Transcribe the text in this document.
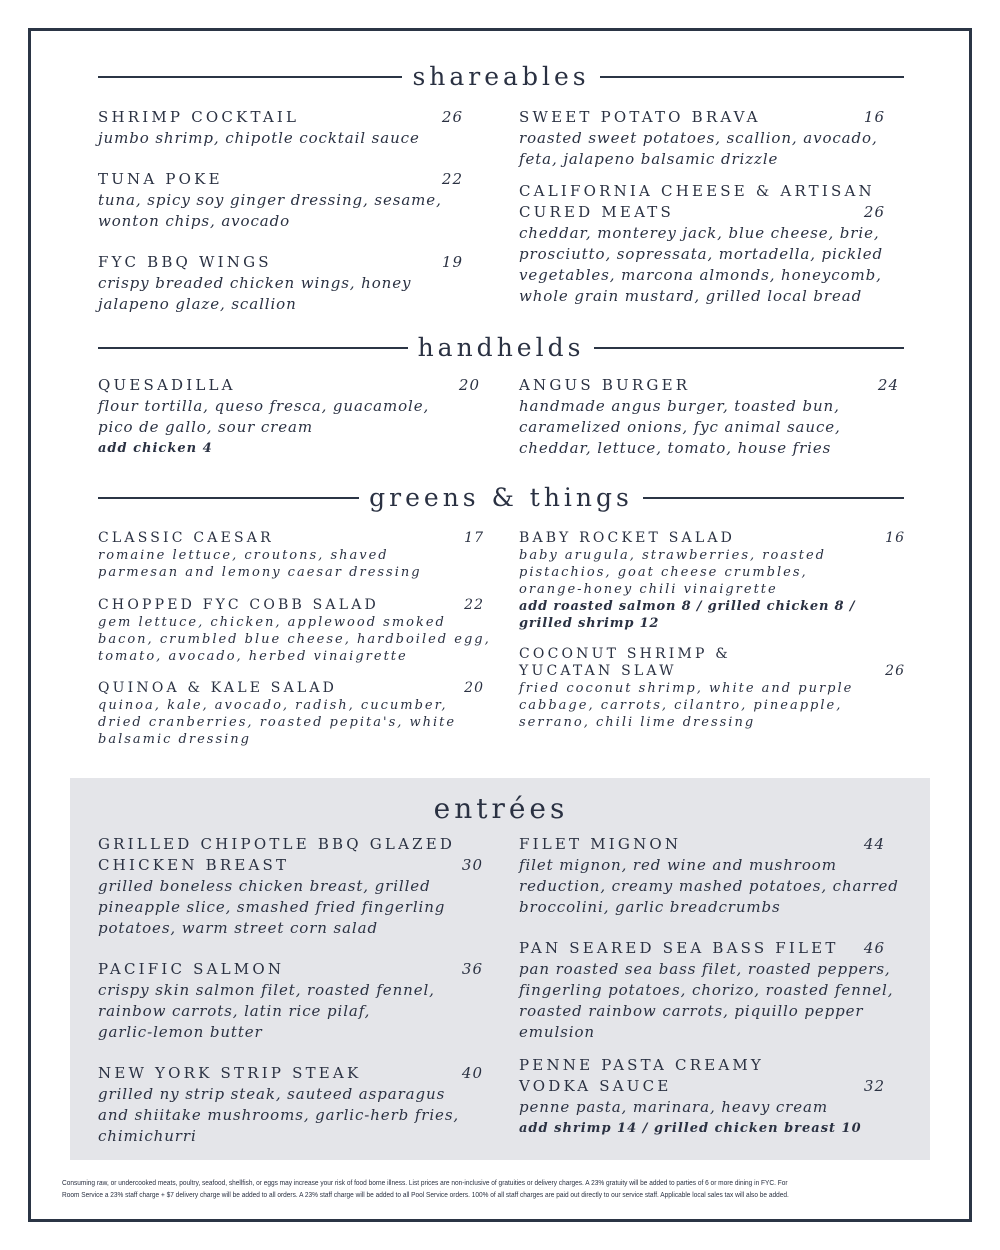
shareables
handhelds
greens & things
entrées
SHRIMP COCKTAIL	26
jumbo shrimp, chipotle cocktail sauce
TUNA POKE	22
tuna, spicy soy ginger dressing, sesame,
wonton chips, avocado
FYC BBQ WINGS	19
crispy breaded chicken wings, honey
jalapeno glaze, scallion
SWEET POTATO BRAVA	16
roasted sweet potatoes, scallion, avocado,
feta, jalapeno balsamic drizzle
CALIFORNIA CHEESE & ARTISAN
CURED MEATS	26
cheddar, monterey jack, blue cheese, brie,
prosciutto, sopressata, mortadella, pickled
vegetables, marcona almonds, honeycomb,
whole grain mustard, grilled local bread
QUESADILLA	20
flour tortilla, queso fresca, guacamole,
pico de gallo, sour cream
add chicken 4
ANGUS BURGER	24
handmade angus burger, toasted bun,
caramelized onions, fyc animal sauce,
cheddar, lettuce, tomato, house fries
CLASSIC CAESAR	17
romaine lettuce, croutons, shaved
parmesan and lemony caesar dressing
CHOPPED FYC COBB SALAD	22
gem lettuce, chicken, applewood smoked
bacon, crumbled blue cheese, hardboiled egg,
tomato, avocado, herbed vinaigrette
QUINOA & KALE SALAD	20
quinoa, kale, avocado, radish, cucumber,
dried cranberries, roasted pepita's, white
balsamic dressing
BABY ROCKET SALAD	16
baby arugula, strawberries, roasted
pistachios, goat cheese crumbles,
orange-honey chili vinaigrette
add roasted salmon 8 / grilled chicken 8 /
grilled shrimp 12
COCONUT SHRIMP &
YUCATAN SLAW	26
fried coconut shrimp, white and purple
cabbage, carrots, cilantro, pineapple,
serrano, chili lime dressing
GRILLED CHIPOTLE BBQ GLAZED
CHICKEN BREAST	30
grilled boneless chicken breast, grilled
pineapple slice, smashed fried fingerling
potatoes, warm street corn salad
PACIFIC SALMON	36
crispy skin salmon filet, roasted fennel,
rainbow carrots, latin rice pilaf,
garlic-lemon butter
NEW YORK STRIP STEAK	40
grilled ny strip steak, sauteed asparagus
and shiitake mushrooms, garlic-herb fries,
chimichurri
FILET MIGNON	44
filet mignon, red wine and mushroom
reduction, creamy mashed potatoes, charred
broccolini, garlic breadcrumbs
PAN SEARED SEA BASS FILET 46
pan roasted sea bass filet, roasted peppers,
fingerling potatoes, chorizo, roasted fennel,
roasted rainbow carrots, piquillo pepper
emulsion
PENNE PASTA CREAMY
VODKA SAUCE	32
penne pasta, marinara, heavy cream
add shrimp 14 / grilled chicken breast 10
Consuming raw, or undercooked meats, poultry, seafood, shellfish, or eggs may increase your risk of food borne illness. List prices are non-inclusive of gratuities or delivery charges. A 23% gratuity will be added to parties of 6 or more dining in FYC. For
Room Service a 23% staff charge + $7 delivery charge will be added to all orders. A 23% staff charge will be added to all Pool Service orders. 100% of all staff charges are paid out directly to our service staff. Applicable local sales tax will also be added.
